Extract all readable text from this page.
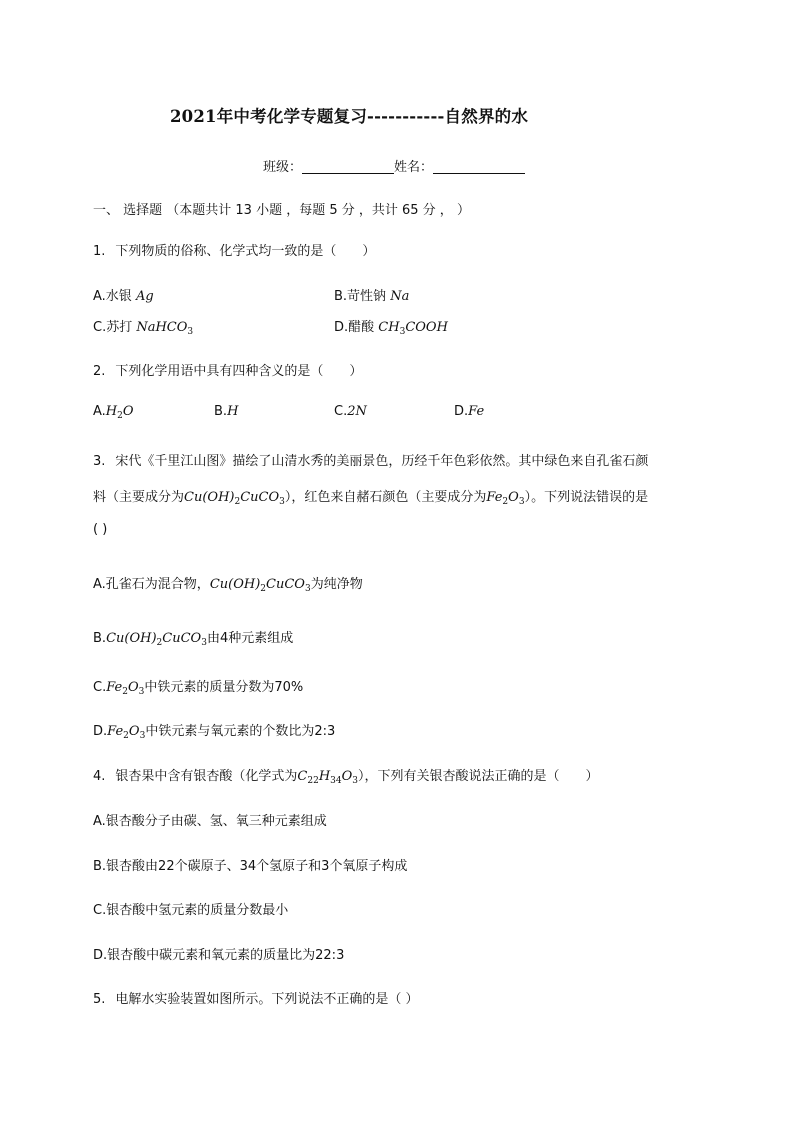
2021年中考化学专题复习-----------自然界的水
班级：	姓名：
一、 选择题 （本题共计 13 小题 ，每题 5 分 ，共计 65 分 ， ）
1. 下列物质的俗称、化学式均一致的是（　　）
A.水银 Ag	B.苛性钠 Na
C.苏打 NaHCO$_3$	D.醋酸 $CH_3COOH$
2. 下列化学用语中具有四种含义的是（　　）
$A.H_2O$	B.H	C.2N	D.Fe
3. 宋代《千里江山图》描绘了山清水秀的美丽景色，历经千年色彩依然。其中绿色来自孔雀石颜
料（主要成分为$Cu(OH)_2CuCO_3$），红色来自赭石颜色（主要成分为$Fe_2O_3$）。下列说法错误的是
( )
A.孔雀石为混合物，$Cu(OH)_2CuCO_3$为纯净物
$B.Cu(OH)_2CuCO_3$由4种元素组成
$C.Fe_2O_3$中铁元素的质量分数为70%
$D.Fe_2O_3$中铁元素与氧元素的个数比为2:3
4. 银杏果中含有银杏酸（化学式为$C_{22}H_{34}O_3$），下列有关银杏酸说法正确的是（　　）
A.银杏酸分子由碳、氢、氧三种元素组成
B.银杏酸由22个碳原子、34个氢原子和3个氧原子构成
C.银杏酸中氢元素的质量分数最小
D.银杏酸中碳元素和氧元素的质量比为22:3
5. 电解水实验装置如图所示。下列说法不正确的是（ ）
